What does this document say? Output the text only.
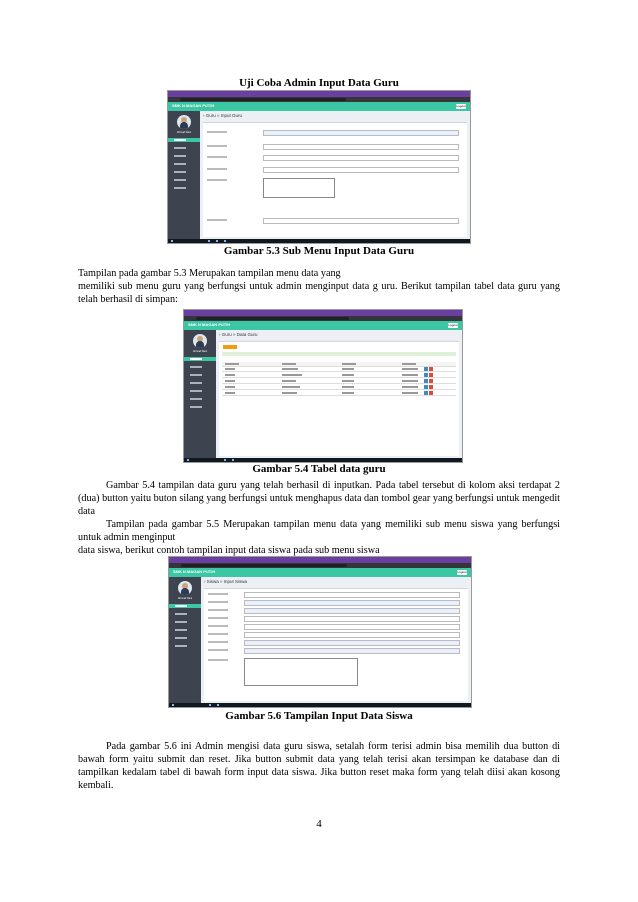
Uji Coba Admin Input Data Guru
SMK N MAGAN PUTIH	Logout
Ahmad Dani
› Guru » Input Guru
Gambar 5.3 Sub Menu Input Data Guru

Tampilan pada gambar 5.3 Merupakan tampilan menu data yang

memiliki sub menu guru yang berfungsi untuk admin menginput data g uru. Berikut tampilan tabel data guru yang telah berhasil di simpan:

SMK N MAGAN PUTIH	Logout
Ahmad Dani
› Guru » Data Guru
Gambar 5.4 Tabel data guru
Gambar 5.4 tampilan data guru yang telah berhasil di inputkan. Pada tabel tersebut di kolom aksi terdapat 2 (dua) button yaitu buton silang yang berfungsi untuk menghapus data dan tombol gear yang berfungsi untuk mengedit data

Tampilan pada gambar 5.5 Merupakan tampilan menu data yang memiliki sub menu siswa yang berfungsi untuk admin menginput

data siswa, berikut contoh tampilan input data siswa pada sub menu siswa

SMK N MAGAN PUTIH	Logout
Ahmad Dani
› Siswa » Input Siswa
Gambar 5.6 Tampilan Input Data Siswa
Pada gambar 5.6 ini Admin mengisi data guru siswa, setalah form terisi admin bisa memilih dua button di bawah form yaitu submit dan reset. Jika button submit data yang telah terisi akan tersimpan ke database dan di tampilkan kedalam tabel di bawah form input data siswa. Jika button reset maka form yang telah diisi akan kosong kembali.
4
